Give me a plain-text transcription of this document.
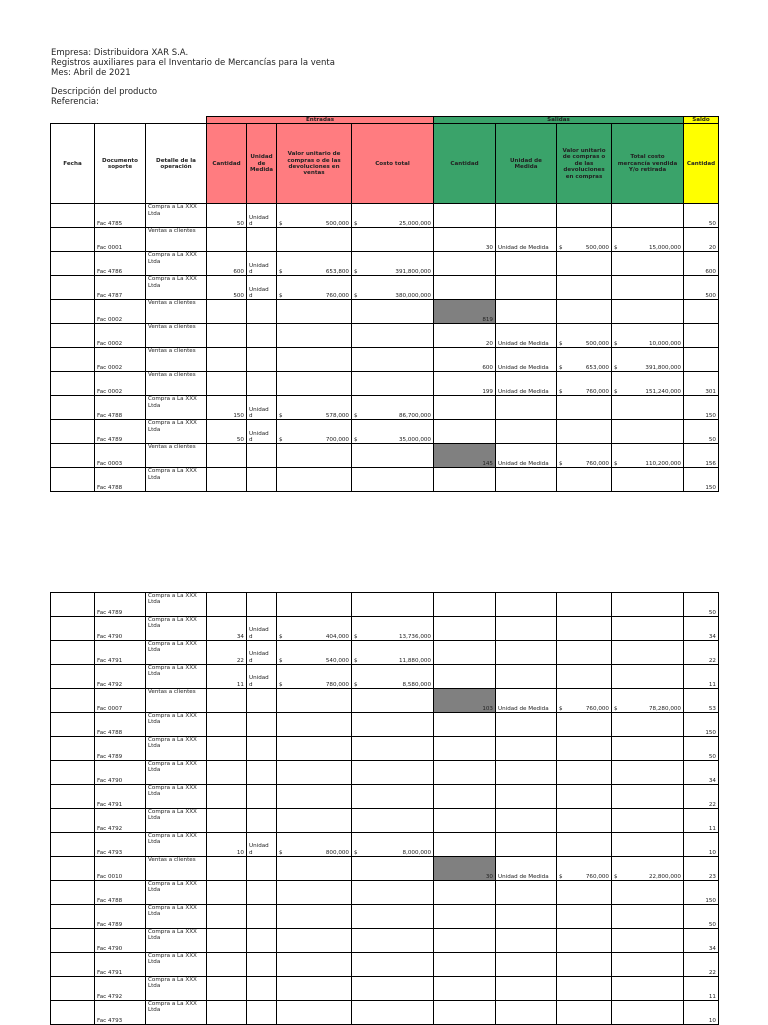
Empresa: Distribuidora XAR S.A.
Registros auxiliares para el Inventario de Mercancías para la venta
Mes: Abril de 2021
Descripción del producto
Referencia:
			Entradas				Salidas				Saldo
Fecha	Documento soporte	Detalle de la operación	Cantidad	Unidad de Medida	Valor unitario de compras o de las devoluciones en ventas	Costo total	Cantidad	Unidad de Medida	Valor unitario de compras o de las devoluciones en compras	Total costo mercancía vendida Y/o retirada	Cantidad
	Fac 4785	Compra a La XXX Ltda	50	Unidad d	$ 500,000	$ 25,000,000					50
	Fac 0001	Ventas a clientes					30	Unidad de Medida	$ 500,000	$ 15,000,000	20
	Fac 4786	Compra a La XXX Ltda	600	Unidad d	$ 653,800	$ 391,800,000					600
	Fac 4787	Compra a La XXX Ltda	500	Unidad d	$ 760,000	$ 380,000,000					500
	Fac 0002	Ventas a clientes					819				
	Fac 0002	Ventas a clientes					20	Unidad de Medida	$ 500,000	$ 10,000,000	

	Fac 0002	Ventas a clientes					600	Unidad de Medida	$ 653,000	$ 391,800,000	

	Fac 0002	Ventas a clientes					199	Unidad de Medida	$ 760,000	$ 151,240,000	301
	Fac 4788	Compra a La XXX Ltda	150	Unidad d	$ 578,000	$ 86,700,000					150
	Fac 4789	Compra a La XXX Ltda	50	Unidad d	$ 700,000	$ 35,000,000					50
	Fac 0003	Ventas a clientes					145	Unidad de Medida	$ 760,000	$ 110,200,000	156
	Fac 4788	Compra a La XXX Ltda									150
	Fac 4789	Compra a La XXX Ltda									50
	Fac 4790	Compra a La XXX Ltda	34	Unidad d	$ 404,000	$ 13,736,000					34
	Fac 4791	Compra a La XXX Ltda	22	Unidad d	$ 540,000	$ 11,880,000					22
	Fac 4792	Compra a La XXX Ltda	11	Unidad d	$ 780,000	$ 8,580,000					11
	Fac 0007	Ventas a clientes					103	Unidad de Medida	$ 760,000	$ 78,280,000	53
	Fac 4788	Compra a La XXX Ltda									150
	Fac 4789	Compra a La XXX Ltda									50
	Fac 4790	Compra a La XXX Ltda									34
	Fac 4791	Compra a La XXX Ltda									22
	Fac 4792	Compra a La XXX Ltda									11
	Fac 4793	Compra a La XXX Ltda	10	Unidad d	$ 800,000	$ 8,000,000					10
	Fac 0010	Ventas a clientes					30	Unidad de Medida	$ 760,000	$ 22,800,000	23
	Fac 4788	Compra a La XXX Ltda									150
	Fac 4789	Compra a La XXX Ltda									50
	Fac 4790	Compra a La XXX Ltda									34
	Fac 4791	Compra a La XXX Ltda									22
	Fac 4792	Compra a La XXX Ltda									11
	Fac 4793	Compra a La XXX Ltda									10
